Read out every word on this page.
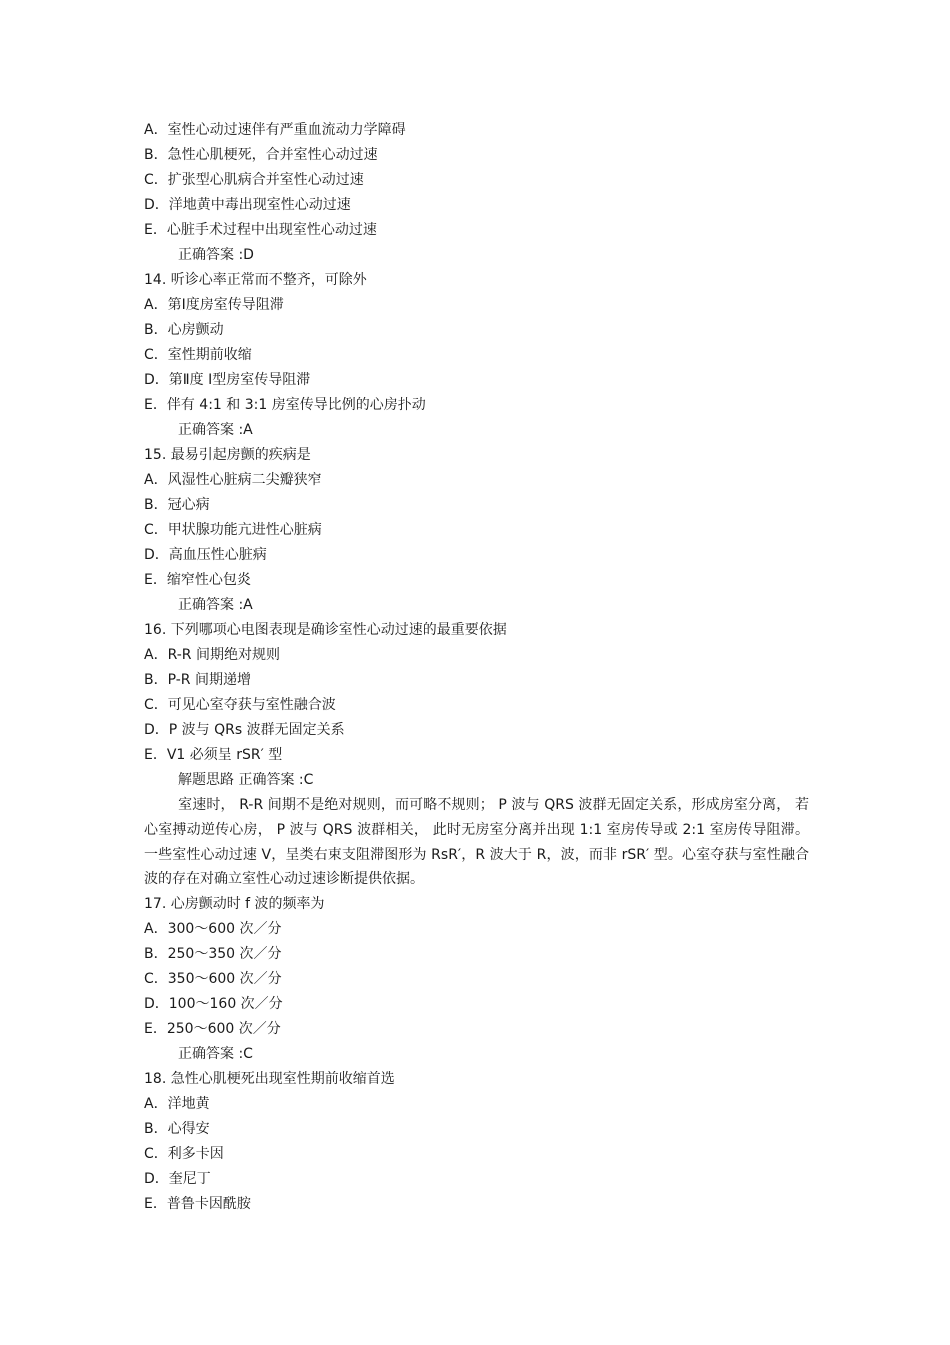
A．室性心动过速伴有严重血流动力学障碍
B．急性心肌梗死，合并室性心动过速
C．扩张型心肌病合并室性心动过速
D．洋地黄中毒出现室性心动过速
E．心脏手术过程中出现室性心动过速
正确答案 :D
14. 听诊心率正常而不整齐，可除外
A．第Ⅰ度房室传导阻滞
B．心房颤动
C．室性期前收缩
D．第Ⅱ度 Ⅰ型房室传导阻滞
E．伴有 4:1 和 3:1 房室传导比例的心房扑动
正确答案 :A
15. 最易引起房颤的疾病是
A．风湿性心脏病二尖瓣狭窄
B．冠心病
C．甲状腺功能亢进性心脏病
D．高血压性心脏病
E．缩窄性心包炎
正确答案 :A
16. 下列哪项心电图表现是确诊室性心动过速的最重要依据
A．R-R 间期绝对规则
B．P-R 间期递增
C．可见心室夺获与室性融合波
D．P 波与 QRs 波群无固定关系
E．V1 必须呈 rSR′ 型
解题思路 正确答案 :C
室速时， R-R 间期不是绝对规则，而可略不规则； P 波与 QRS 波群无固定关系，形成房室分离， 若心室搏动逆传心房， P 波与 QRS 波群相关， 此时无房室分离并出现 1:1 室房传导或 2:1 室房传导阻滞。 一些室性心动过速 V，呈类右束支阻滞图形为 RsR′，R 波大于 R，波，而非 rSR′ 型。心室夺获与室性融合波的存在对确立室性心动过速诊断提供依据。
17. 心房颤动时 f 波的频率为
A．300～600 次／分
B．250～350 次／分
C．350～600 次／分
D．100～160 次／分
E．250～600 次／分
正确答案 :C
18. 急性心肌梗死出现室性期前收缩首选
A．洋地黄
B．心得安
C．利多卡因
D．奎尼丁
E．普鲁卡因酰胺
